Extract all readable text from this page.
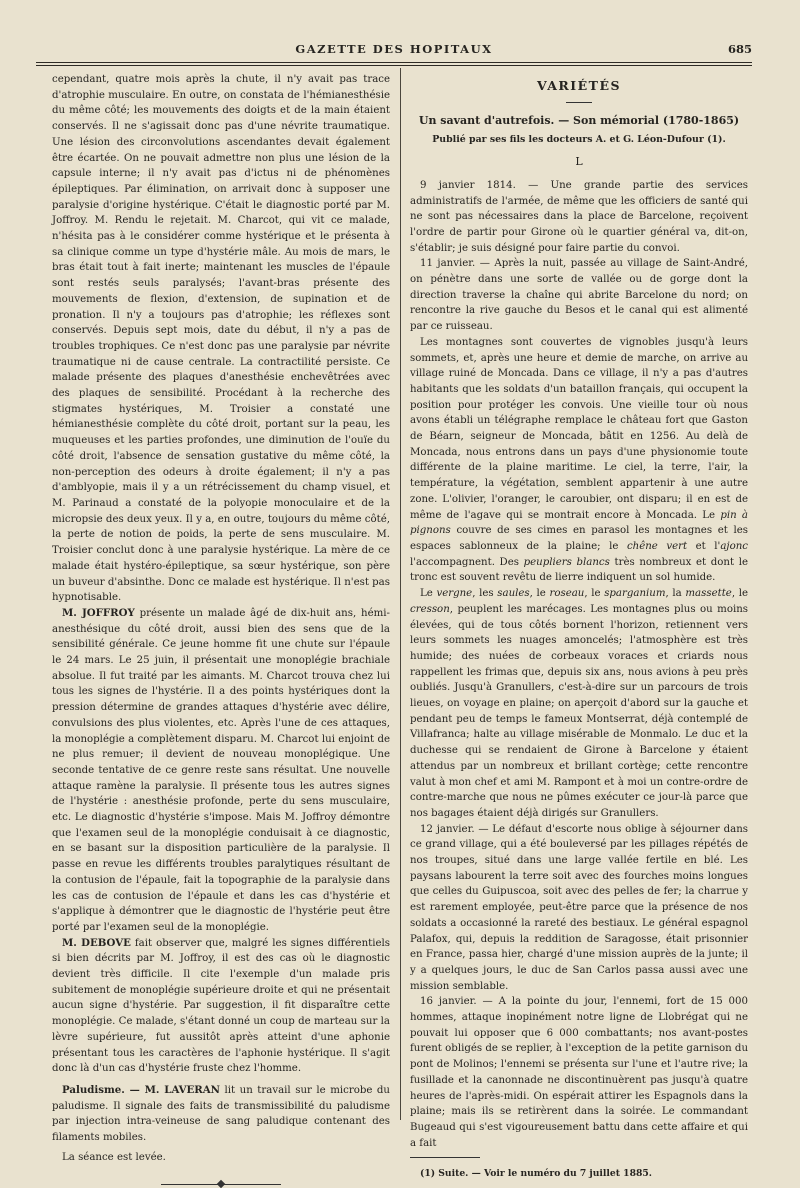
GAZETTE DES HOPITAUX	685

cependant, quatre mois après la chute, il n'y avait pas trace d'atrophie musculaire. En outre, on constata de l'hémianesthésie du même côté; les mouvements des doigts et de la main étaient conservés. Il ne s'agissait donc pas d'une névrite traumatique. Une lésion des circonvolutions ascendantes devait également être écartée. On ne pouvait admettre non plus une lésion de la capsule interne; il n'y avait pas d'ictus ni de phénomènes épileptiques. Par élimination, on arrivait donc à supposer une paralysie d'origine hystérique. C'était le diagnostic porté par M. Joffroy. M. Rendu le rejetait. M. Charcot, qui vit ce malade, n'hésita pas à le considérer comme hystérique et le présenta à sa clinique comme un type d'hystérie mâle. Au mois de mars, le bras était tout à fait inerte; maintenant les muscles de l'épaule sont restés seuls paralysés; l'avant-bras présente des mouvements de flexion, d'extension, de supination et de pronation. Il n'y a toujours pas d'atrophie; les réflexes sont conservés. Depuis sept mois, date du début, il n'y a pas de troubles trophiques. Ce n'est donc pas une paralysie par névrite traumatique ni de cause centrale. La contractilité persiste. Ce malade présente des plaques d'anesthésie enchevêtrées avec des plaques de sensibilité. Procédant à la recherche des stigmates hystériques, M. Troisier a constaté une hémianesthésie complète du côté droit, portant sur la peau, les muqueuses et les parties profondes, une diminution de l'ouïe du côté droit, l'absence de sensation gustative du même côté, la non-perception des odeurs à droite également; il n'y a pas d'amblyopie, mais il y a un rétrécissement du champ visuel, et M. Parinaud a constaté de la polyopie monoculaire et de la micropsie des deux yeux. Il y a, en outre, toujours du même côté, la perte de notion de poids, la perte de sens musculaire. M. Troisier conclut donc à une paralysie hystérique. La mère de ce malade était hystéro-épileptique, sa sœur hystérique, son père un buveur d'absinthe. Donc ce malade est hystérique. Il n'est pas hypnotisable.

M. JOFFROY présente un malade âgé de dix-huit ans, hémi-anesthésique du côté droit, aussi bien des sens que de la sensibilité générale. Ce jeune homme fit une chute sur l'épaule le 24 mars. Le 25 juin, il présentait une monoplégie brachiale absolue. Il fut traité par les aimants. M. Charcot trouva chez lui tous les signes de l'hystérie. Il a des points hystériques dont la pression détermine de grandes attaques d'hystérie avec délire, convulsions des plus violentes, etc. Après l'une de ces attaques, la monoplégie a complètement disparu. M. Charcot lui enjoint de ne plus remuer; il devient de nouveau monoplégique. Une seconde tentative de ce genre reste sans résultat. Une nouvelle attaque ramène la paralysie. Il présente tous les autres signes de l'hystérie : anesthésie profonde, perte du sens musculaire, etc. Le diagnostic d'hystérie s'impose. Mais M. Joffroy démontre que l'examen seul de la monoplégie conduisait à ce diagnostic, en se basant sur la disposition particulière de la paralysie. Il passe en revue les différents troubles paralytiques résultant de la contusion de l'épaule, fait la topographie de la paralysie dans les cas de contusion de l'épaule et dans les cas d'hystérie et s'applique à démontrer que le diagnostic de l'hystérie peut être porté par l'examen seul de la monoplégie.

M. DEBOVE fait observer que, malgré les signes différentiels si bien décrits par M. Joffroy, il est des cas où le diagnostic devient très difficile. Il cite l'exemple d'un malade pris subitement de monoplégie supérieure droite et qui ne présentait aucun signe d'hystérie. Par suggestion, il fit disparaître cette monoplégie. Ce malade, s'étant donné un coup de marteau sur la lèvre supérieure, fut aussitôt après atteint d'une aphonie présentant tous les caractères de l'aphonie hystérique. Il s'agit donc là d'un cas d'hystérie fruste chez l'homme.

Paludisme. — M. LAVERAN lit un travail sur le microbe du paludisme. Il signale des faits de transmissibilité du paludisme par injection intra-veineuse de sang paludique contenant des filaments mobiles.

La séance est levée.

VARIÉTÉS
Un savant d'autrefois. — Son mémorial (1780-1865)
Publié par ses fils les docteurs A. et G. Léon-Dufour (1).
L

9 janvier 1814. — Une grande partie des services administratifs de l'armée, de même que les officiers de santé qui ne sont pas nécessaires dans la place de Barcelone, reçoivent l'ordre de partir pour Girone où le quartier général va, dit-on, s'établir; je suis désigné pour faire partie du convoi.

11 janvier. — Après la nuit, passée au village de Saint-André, on pénètre dans une sorte de vallée ou de gorge dont la direction traverse la chaîne qui abrite Barcelone du nord; on rencontre la rive gauche du Besos et le canal qui est alimenté par ce ruisseau.

Les montagnes sont couvertes de vignobles jusqu'à leurs sommets, et, après une heure et demie de marche, on arrive au village ruiné de Moncada. Dans ce village, il n'y a pas d'autres habitants que les soldats d'un bataillon français, qui occupent la position pour protéger les convois. Une vieille tour où nous avons établi un télégraphe remplace le château fort que Gaston de Béarn, seigneur de Moncada, bâtit en 1256. Au delà de Moncada, nous entrons dans un pays d'une physionomie toute différente de la plaine maritime. Le ciel, la terre, l'air, la température, la végétation, semblent appartenir à une autre zone. L'olivier, l'oranger, le caroubier, ont disparu; il en est de même de l'agave qui se montrait encore à Moncada. Le pin à pignons couvre de ses cimes en parasol les montagnes et les espaces sablonneux de la plaine; le chêne vert et l'ajonc l'accompagnent. Des peupliers blancs très nombreux et dont le tronc est souvent revêtu de lierre indiquent un sol humide.

Le vergne, les saules, le roseau, le sparganium, la massette, le cresson, peuplent les marécages. Les montagnes plus ou moins élevées, qui de tous côtés bornent l'horizon, retiennent vers leurs sommets les nuages amoncelés; l'atmosphère est très humide; des nuées de corbeaux voraces et criards nous rappellent les frimas que, depuis six ans, nous avions à peu près oubliés. Jusqu'à Granullers, c'est-à-dire sur un parcours de trois lieues, on voyage en plaine; on aperçoit d'abord sur la gauche et pendant peu de temps le fameux Montserrat, déjà contemplé de Villafranca; halte au village misérable de Monmalo. Le duc et la duchesse qui se rendaient de Girone à Barcelone y étaient attendus par un nombreux et brillant cortège; cette rencontre valut à mon chef et ami M. Rampont et à moi un contre-ordre de contre-marche que nous ne pûmes exécuter ce jour-là parce que nos bagages étaient déjà dirigés sur Granullers.

12 janvier. — Le défaut d'escorte nous oblige à séjourner dans ce grand village, qui a été bouleversé par les pillages répétés de nos troupes, situé dans une large vallée fertile en blé. Les paysans labourent la terre soit avec des fourches moins longues que celles du Guipuscoa, soit avec des pelles de fer; la charrue y est rarement employée, peut-être parce que la présence de nos soldats a occasionné la rareté des bestiaux. Le général espagnol Palafox, qui, depuis la reddition de Saragosse, était prisonnier en France, passa hier, chargé d'une mission auprès de la junte; il y a quelques jours, le duc de San Carlos passa aussi avec une mission semblable.

16 janvier. — A la pointe du jour, l'ennemi, fort de 15 000 hommes, attaque inopinément notre ligne de Llobrégat qui ne pouvait lui opposer que 6 000 combattants; nos avant-postes furent obligés de se replier, à l'exception de la petite garnison du pont de Molinos; l'ennemi se présenta sur l'une et l'autre rive; la fusillade et la canonnade ne discontinuèrent pas jusqu'à quatre heures de l'après-midi. On espérait attirer les Espagnols dans la plaine; mais ils se retirèrent dans la soirée. Le commandant Bugeaud qui s'est vigoureusement battu dans cette affaire et qui a fait

(1) Suite. — Voir le numéro du 7 juillet 1885.
